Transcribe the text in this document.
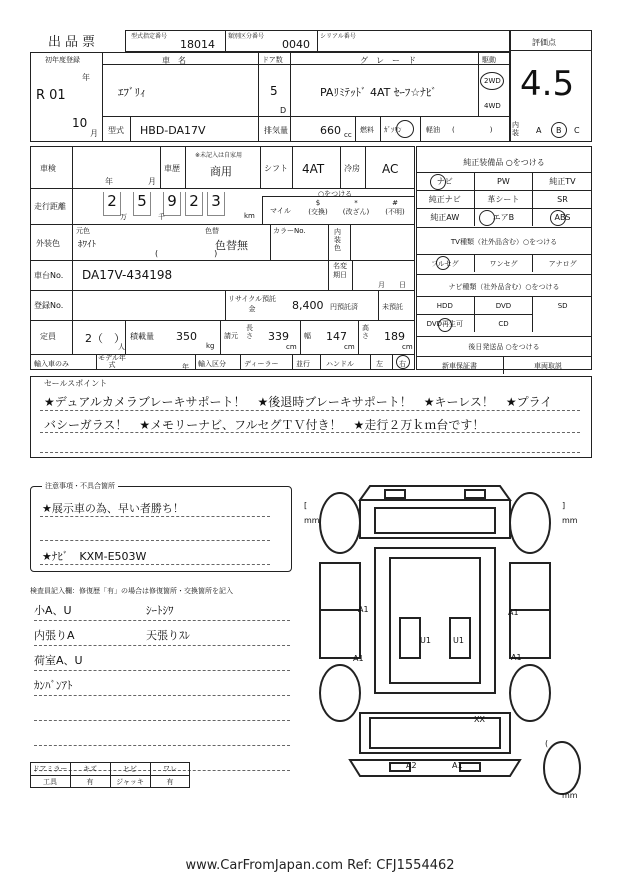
出品票	型式指定番号
18014
類別区分番号
0040
シリアル番号
評価点
4.5
初年度登録
年
R 01
10
月
車　名
ｴﾌﾞﾘｨ
ドア数
5
D
グ　レ　ー　ド
PAﾘﾐﾃｯﾄﾞ 4AT ｾｰﾌ☆ﾅﾋﾞ
駆動
2WD
4WD
型式 HBD-DA17V	排気量	660 cc
燃料 ｶﾞｿﾘﾝ	軽油 (　　　　　)
内装	A B C
車検
年	月
※未記入は自家用
車歴	商用	シフト 4AT 冷房 AC
走行距離	2 5 9 2 3
万	千	km
○をつける
マイル
$
(交換)
*
(改ざん)
#
(不明)
外装色
元色
ﾎﾜｲﾄ
色替
色替無
(　　　　　　　)
カラーNo.	内装色
車台No. DA17V-434198
名変期日
月　　日
登録No.
リサイクル預託金	8,400 円預託済	未預託
定員	2（　）
人
積載量 350
kg
請元
長さ 339
cm
幅 147
cm
高さ 189
cm
輸入車のみ
モデル年式	年 輸入区分	ディーラー	並行 ハンドル	左 右
純正装備品 ○をつける
ナビ	PW	純正TV
純正ナビ	革シート	SR
純正AW	エアB	ABS
TV種類（社外品含む）○をつける
フルセグ	ワンセグ	アナログ
ナビ種類（社外品含む）○をつける
HDD	DVD	SD
DVD再生可	CD
後日発送品 ○をつける
新車保証書	車両取説
セールスポイント
★デュアルカメラブレーキサポート！　★後退時ブレーキサポート！　★キーレス！　★プライ
バシーガラス！　★メモリーナビ、フルセグＴＶ付き！　★走行２万ｋｍ台です！
注意事項・不具合箇所
★展示車の為、早い者勝ち！
★ﾅﾋﾞ　KXM-E503W
検査員記入欄：修復歴「有」の場合は修復箇所・交換箇所を記入
小A、U	ｼｰﾄｼﾜ
内張りA	天張りｽﾚ
荷室A、U
ｶﾝﾊﾞﾝｱﾄ
ドアミラー	キズ	ヒビ	ワレ
工具	有	ジャッキ	有
[
mm
]
mm
(
mm
A1	A1
U1	U1
A1	A1
XX
A2	A1
www.CarFromJapan.com Ref: CFJ1554462
